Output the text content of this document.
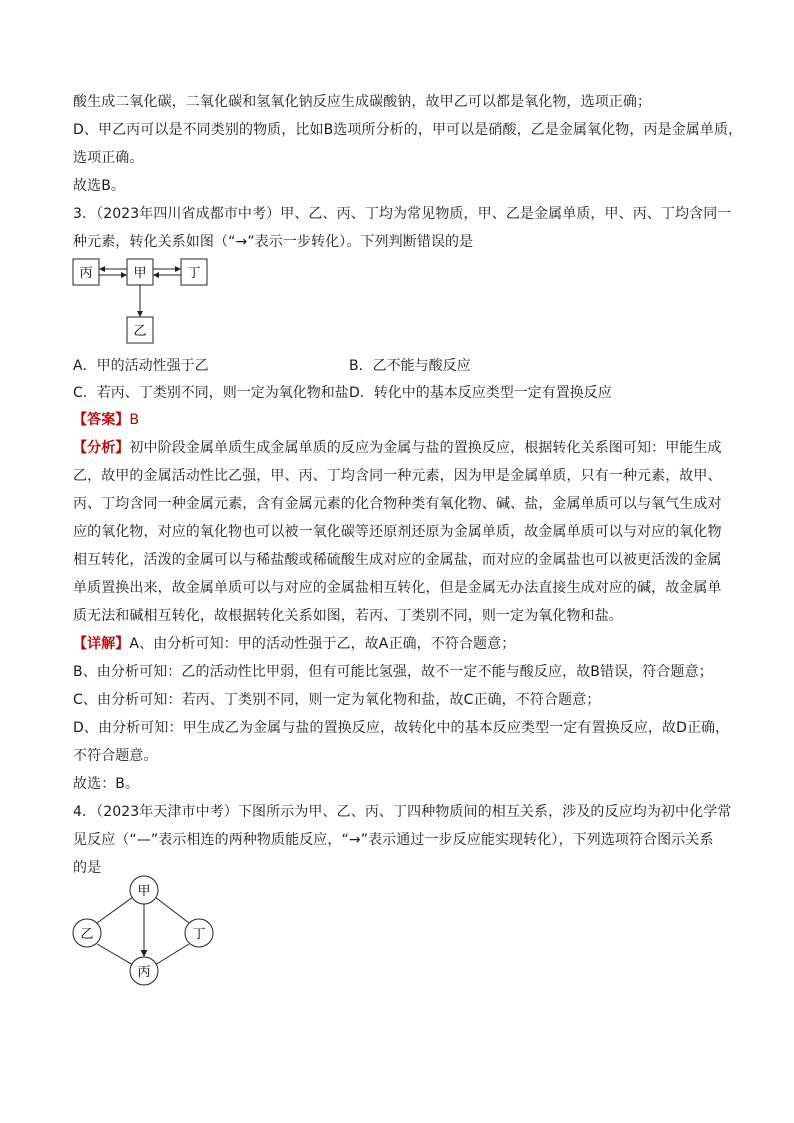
酸生成二氧化碳，二氧化碳和氢氧化钠反应生成碳酸钠，故甲乙可以都是氧化物，选项正确；
D、甲乙丙可以是不同类别的物质，比如B选项所分析的，甲可以是硝酸，乙是金属氧化物，丙是金属单质，
选项正确。
故选B。
3．（2023年四川省成都市中考）甲、乙、丙、丁均为常见物质，甲、乙是金属单质，甲、丙、丁均含同一
种元素，转化关系如图（“→”表示一步转化）。下列判断错误的是
丙	甲	丁
乙
A．甲的活动性强于乙	B．乙不能与酸反应
C．若丙、丁类别不同，则一定为氧化物和盐 D．转化中的基本反应类型一定有置换反应
【答案】B
【分析】初中阶段金属单质生成金属单质的反应为金属与盐的置换反应，根据转化关系图可知：甲能生成
乙，故甲的金属活动性比乙强，甲、丙、丁均含同一种元素，因为甲是金属单质，只有一种元素，故甲、
丙、丁均含同一种金属元素，含有金属元素的化合物种类有氧化物、碱、盐，金属单质可以与氧气生成对
应的氧化物，对应的氧化物也可以被一氧化碳等还原剂还原为金属单质，故金属单质可以与对应的氧化物
相互转化，活泼的金属可以与稀盐酸或稀硫酸生成对应的金属盐，而对应的金属盐也可以被更活泼的金属
单质置换出来，故金属单质可以与对应的金属盐相互转化，但是金属无办法直接生成对应的碱，故金属单
质无法和碱相互转化，故根据转化关系如图，若丙、丁类别不同，则一定为氧化物和盐。
【详解】A、由分析可知：甲的活动性强于乙，故A正确，不符合题意；
B、由分析可知：乙的活动性比甲弱，但有可能比氢强，故不一定不能与酸反应，故B错误，符合题意；
C、由分析可知：若丙、丁类别不同，则一定为氧化物和盐，故C正确，不符合题意；
D、由分析可知：甲生成乙为金属与盐的置换反应，故转化中的基本反应类型一定有置换反应，故D正确，
不符合题意。
故选：B。
4．（2023年天津市中考）下图所示为甲、乙、丙、丁四种物质间的相互关系，涉及的反应均为初中化学常
见反应（“—”表示相连的两种物质能反应，“→”表示通过一步反应能实现转化），下列选项符合图示关系
的是
甲
乙	丁
丙
